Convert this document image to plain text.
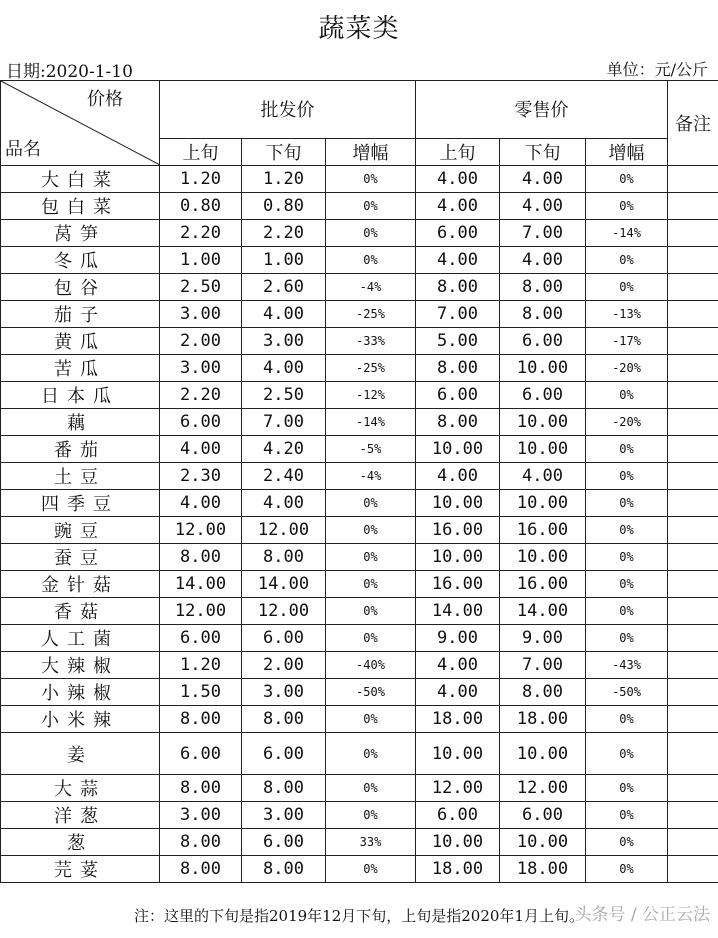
蔬菜类
日期:2020-1-10	单位：元/公斤
价格
品名	批发价			零售价			备注
	上旬	下旬	增幅	上旬	下旬	增幅	
大白菜	1.20	1.20	0%	4.00	4.00	0%	
包白菜	0.80	0.80	0%	4.00	4.00	0%	
莴笋	2.20	2.20	0%	6.00	7.00	-14%	
冬瓜	1.00	1.00	0%	4.00	4.00	0%	
包谷	2.50	2.60	-4%	8.00	8.00	0%	
茄子	3.00	4.00	-25%	7.00	8.00	-13%	
黄瓜	2.00	3.00	-33%	5.00	6.00	-17%	
苦瓜	3.00	4.00	-25%	8.00	10.00	-20%	
日本瓜	2.20	2.50	-12%	6.00	6.00	0%	
藕	6.00	7.00	-14%	8.00	10.00	-20%	
番茄	4.00	4.20	-5%	10.00	10.00	0%	
土豆	2.30	2.40	-4%	4.00	4.00	0%	
四季豆	4.00	4.00	0%	10.00	10.00	0%	
豌豆	12.00	12.00	0%	16.00	16.00	0%	
蚕豆	8.00	8.00	0%	10.00	10.00	0%	
金针菇	14.00	14.00	0%	16.00	16.00	0%	
香菇	12.00	12.00	0%	14.00	14.00	0%	
人工菌	6.00	6.00	0%	9.00	9.00	0%	
大辣椒	1.20	2.00	-40%	4.00	7.00	-43%	
小辣椒	1.50	3.00	-50%	4.00	8.00	-50%	
小米辣	8.00	8.00	0%	18.00	18.00	0%	
姜	6.00	6.00	0%	10.00	10.00	0%	
大蒜	8.00	8.00	0%	12.00	12.00	0%	
洋葱	3.00	3.00	0%	6.00	6.00	0%	
葱	8.00	6.00	33%	10.00	10.00	0%	
芫荽	8.00	8.00	0%	18.00	18.00	0%	
注：这里的下旬是指2019年12月下旬，上旬是指2020年1月上旬。
头条号 / 公正云法
